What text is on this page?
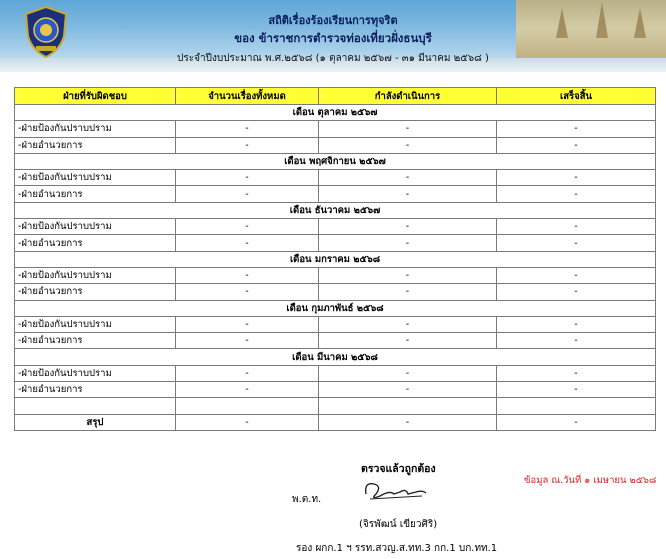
สถิติเรื่องร้องเรียนการทุจริต
ของ ข้าราชการตำรวจท่องเที่ยวฝั่งธนบุรี
ประจำปีงบประมาณ พ.ศ.๒๕๖๘ (๑ ตุลาคม ๒๕๖๗ - ๓๑ มีนาคม ๒๕๖๘ )
ฝ่ายที่รับผิดชอบ	จำนวนเรื่องทั้งหมด	กำลังดำเนินการ	เสร็จสิ้น
เดือน ตุลาคม ๒๕๖๗			
-ฝ่ายป้องกันปราบปราม	-	-	-
-ฝ่ายอำนวยการ	-	-	-
เดือน พฤศจิกายน ๒๕๖๗			
-ฝ่ายป้องกันปราบปราม	-	-	-
-ฝ่ายอำนวยการ	-	-	-
เดือน ธันวาคม ๒๕๖๗			
-ฝ่ายป้องกันปราบปราม	-	-	-
-ฝ่ายอำนวยการ	-	-	-
เดือน มกราคม ๒๕๖๘			
-ฝ่ายป้องกันปราบปราม	-	-	-
-ฝ่ายอำนวยการ	-	-	-
เดือน กุมภาพันธ์ ๒๕๖๘			
-ฝ่ายป้องกันปราบปราม	-	-	-
-ฝ่ายอำนวยการ	-	-	-
เดือน มีนาคม ๒๕๖๘			
-ฝ่ายป้องกันปราบปราม	-	-	-
-ฝ่ายอำนวยการ	-	-	-

สรุป	-	-	-
ตรวจแล้วถูกต้อง
พ.ต.ท.
(จิรพัฒน์ เขียวศิริ)
รอง ผกก.1 ฯ รรท.สวญ.ส.ทท.3 กก.1 บก.ทท.1
ข้อมูล ณ.วันที่ ๑ เมษายน ๒๕๖๘
